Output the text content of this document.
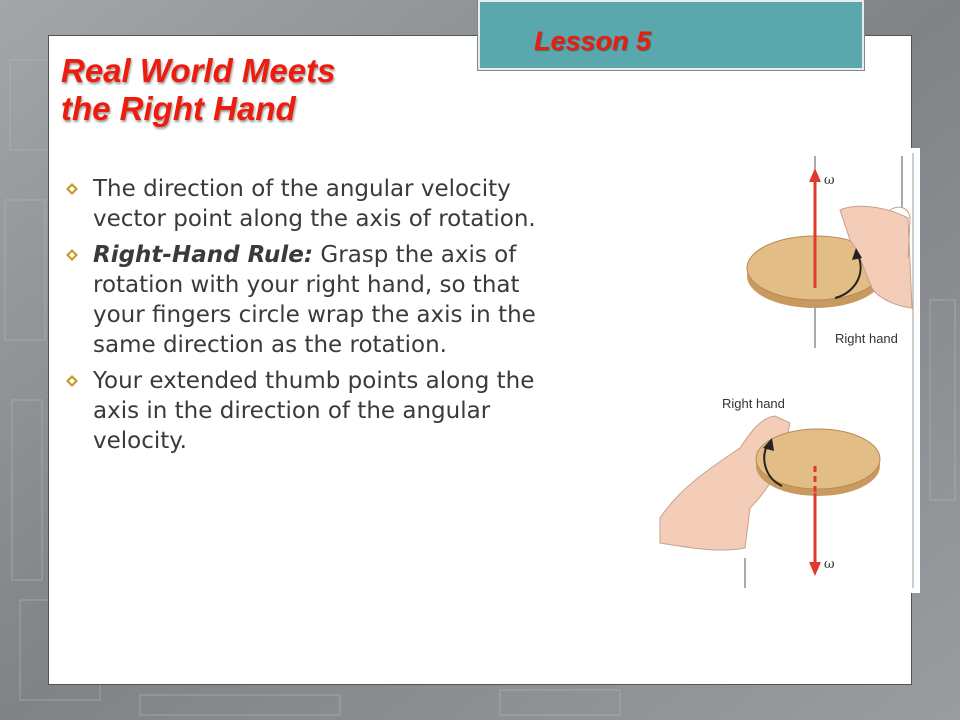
Lesson 5
Real World Meets
the Right Hand
The direction of the angular velocity vector point along the axis of rotation.
Right-Hand Rule: Grasp the axis of rotation with your right hand, so that your fingers circle wrap the axis in the same direction as the rotation.
Your extended thumb points along the axis in the direction of the angular velocity.
ω
ω
Right hand
Right hand
